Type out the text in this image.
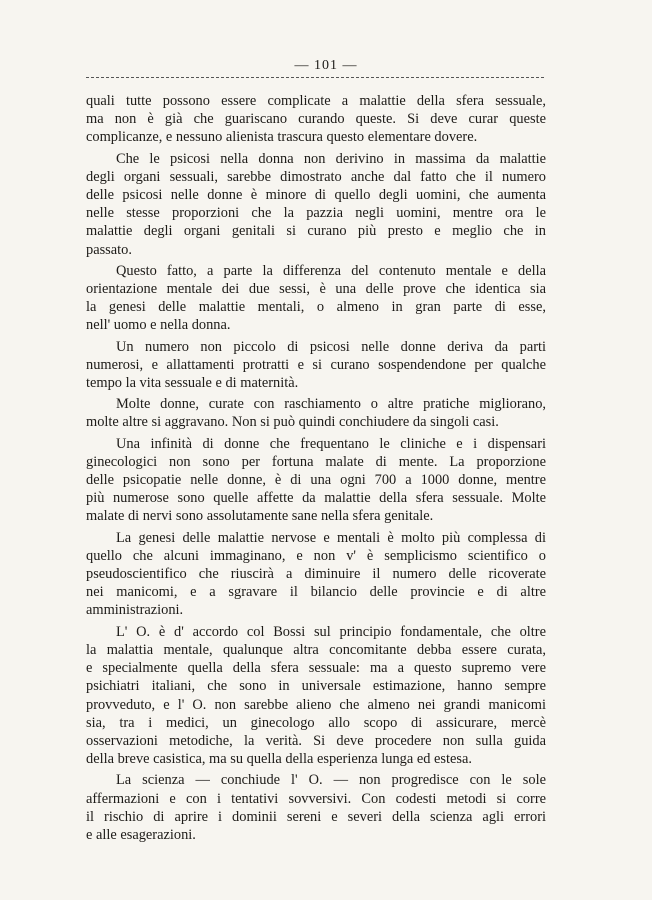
— 101 —
quali tutte possono essere complicate a malattie della sfera sessuale,
ma non è già che guariscano curando queste. Si deve curar queste
complicanze, e nessuno alienista trascura questo elementare dovere.
Che le psicosi nella donna non derivino in massima da malattie
degli organi sessuali, sarebbe dimostrato anche dal fatto che il numero
delle psicosi nelle donne è minore di quello degli uomini, che aumenta
nelle stesse proporzioni che la pazzia negli uomini, mentre ora le
malattie degli organi genitali si curano più presto e meglio che in
passato.
Questo fatto, a parte la differenza del contenuto mentale e della
orientazione mentale dei due sessi, è una delle prove che identica sia
la genesi delle malattie mentali, o almeno in gran parte di esse,
nell' uomo e nella donna.
Un numero non piccolo di psicosi nelle donne deriva da parti
numerosi, e allattamenti protratti e si curano sospendendone per qualche
tempo la vita sessuale e di maternità.
Molte donne, curate con raschiamento o altre pratiche migliorano,
molte altre si aggravano. Non si può quindi conchiudere da singoli casi.
Una infinità di donne che frequentano le cliniche e i dispensari
ginecologici non sono per fortuna malate di mente. La proporzione
delle psicopatie nelle donne, è di una ogni 700 a 1000 donne, mentre
più numerose sono quelle affette da malattie della sfera sessuale. Molte
malate di nervi sono assolutamente sane nella sfera genitale.
La genesi delle malattie nervose e mentali è molto più complessa di
quello che alcuni immaginano, e non v' è semplicismo scientifico o
pseudoscientifico che riuscirà a diminuire il numero delle ricoverate
nei manicomi, e a sgravare il bilancio delle provincie e di altre
amministrazioni.
L' O. è d' accordo col Bossi sul principio fondamentale, che oltre
la malattia mentale, qualunque altra concomitante debba essere curata,
e specialmente quella della sfera sessuale: ma a questo supremo vere
psichiatri italiani, che sono in universale estimazione, hanno sempre
provveduto, e l' O. non sarebbe alieno che almeno nei grandi manicomi
sia, tra i medici, un ginecologo allo scopo di assicurare, mercè
osservazioni metodiche, la verità. Si deve procedere non sulla guida
della breve casistica, ma su quella della esperienza lunga ed estesa.
La scienza — conchiude l' O. — non progredisce con le sole
affermazioni e con i tentativi sovversivi. Con codesti metodi si corre
il rischio di aprire i dominii sereni e severi della scienza agli errori
e alle esagerazioni.
